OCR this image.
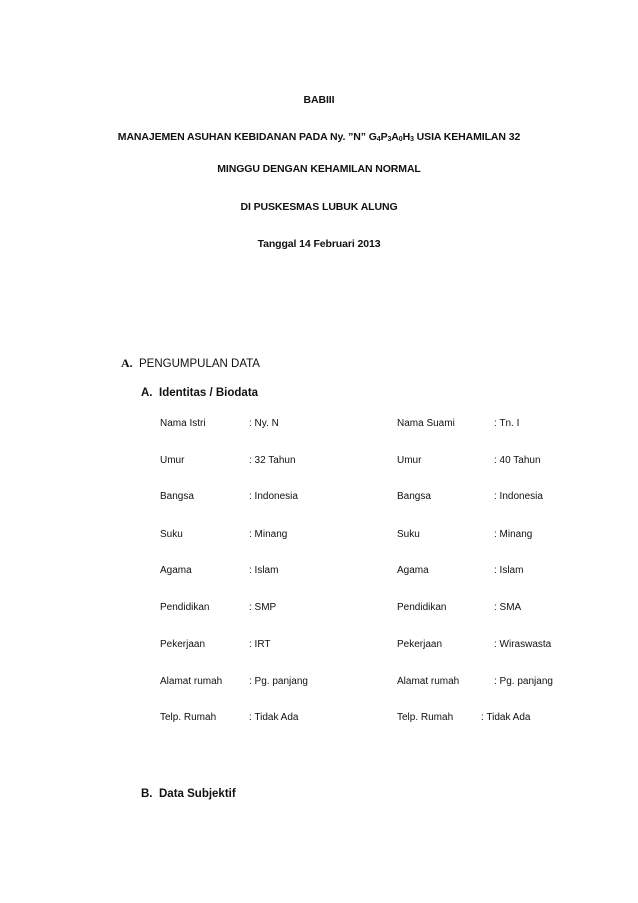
BABIII
MANAJEMEN ASUHAN KEBIDANAN PADA Ny. ”N” $G_4P_3A_0H_3$ USIA KEHAMILAN 32
MINGGU DENGAN KEHAMILAN NORMAL
DI PUSKESMAS LUBUK ALUNG
Tanggal 14 Februari 2013
A. PENGUMPULAN DATA
A. Identitas / Biodata
Nama Istri	: Ny. N	Nama Suami	: Tn. I
Umur	: 32 Tahun	Umur	: 40 Tahun
Bangsa	: Indonesia	Bangsa	: Indonesia
Suku	: Minang	Suku	: Minang
Agama	: Islam	Agama	: Islam
Pendidikan	: SMP	Pendidikan	: SMA
Pekerjaan	: IRT	Pekerjaan	: Wiraswasta
Alamat rumah	: Pg. panjang	Alamat rumah	: Pg. panjang
Telp. Rumah	: Tidak Ada	Telp. Rumah	: Tidak Ada
B. Data Subjektif
